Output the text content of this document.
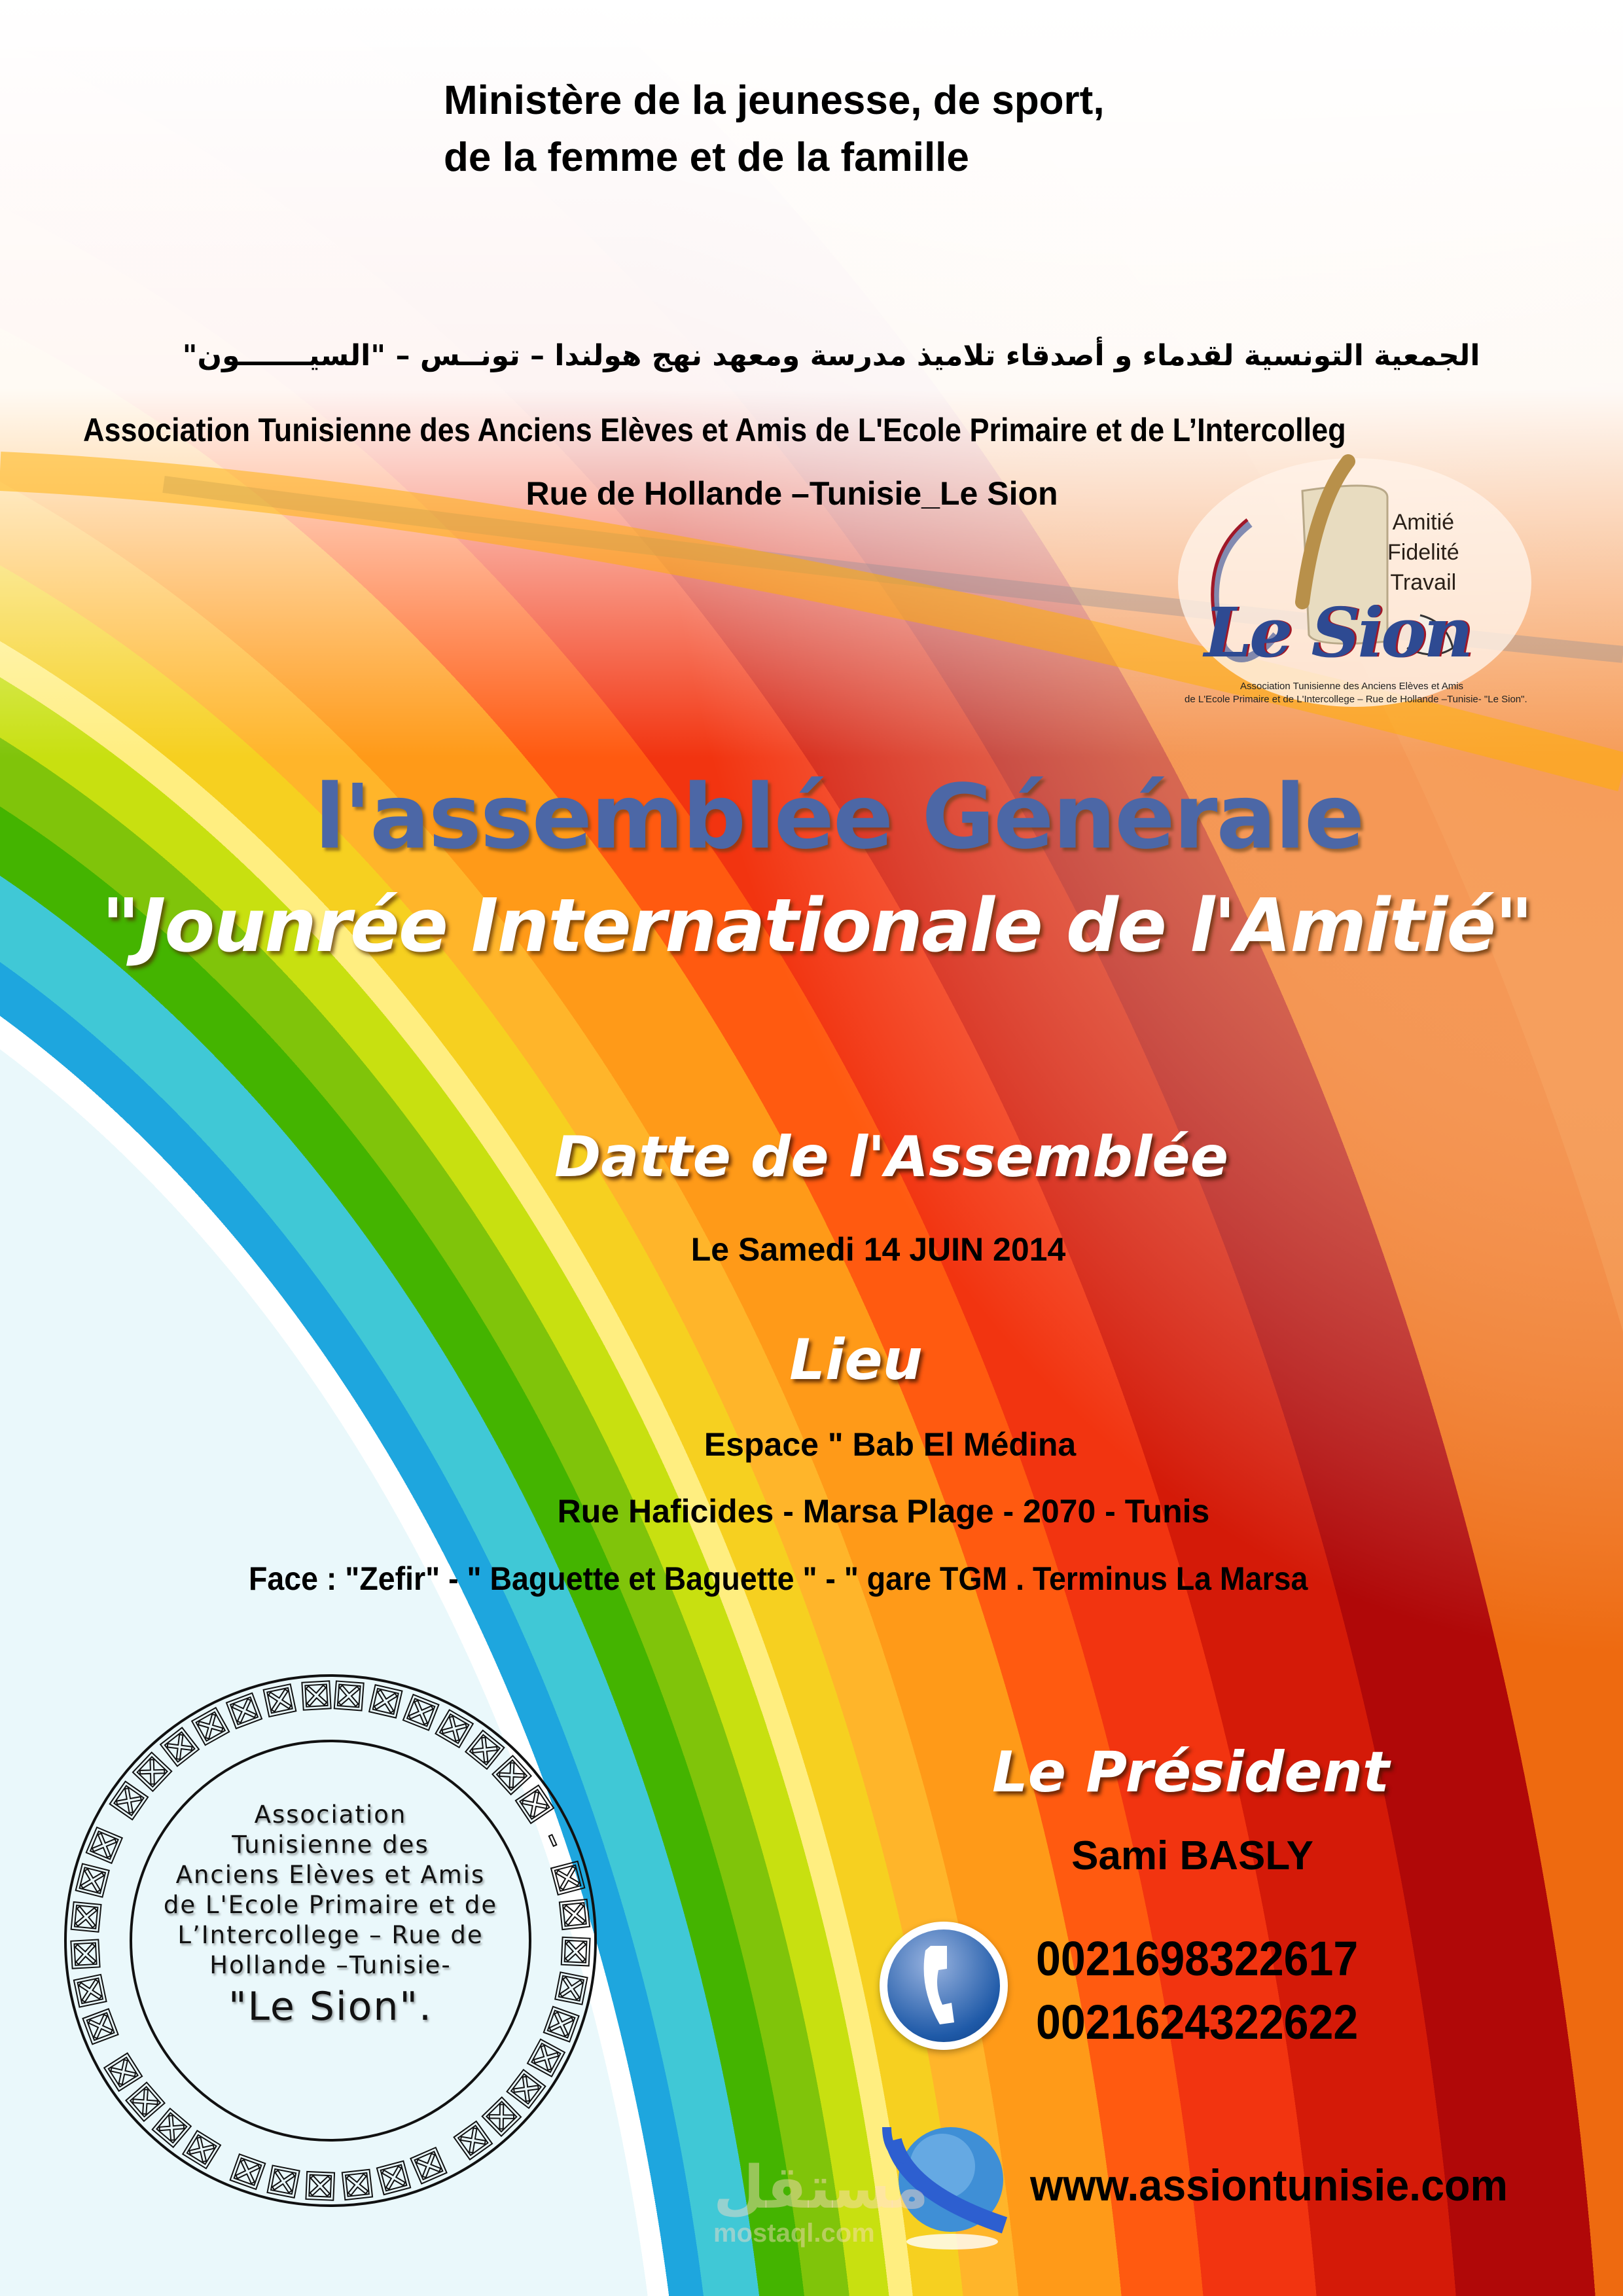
Ministère de la jeunesse, de sport,
de la femme et de la famille
الجمعية التونسية لقدماء و أصدقاء تلاميذ مدرسة ومعهد نهج هولندا – تونــس – "السيـــــــون"
Association Tunisienne des Anciens Elèves et Amis de L'Ecole Primaire et de L’Intercolleg
Rue de Hollande –Tunisie_Le Sion
Amitié
Fidelité
Travail
Le Sion
Association Tunisienne des Anciens Elèves et Amis
de L'Ecole Primaire et de L'Intercollege – Rue de Hollande –Tunisie- "Le Sion".
l'assemblée Générale
"Jounrée Internationale de l'Amitié"
Datte de l'Assemblée
Le Samedi 14 JUIN 2014
Lieu
Espace " Bab El Médina
Rue Haficides - Marsa Plage - 2070 - Tunis
Face : "Zefir" - " Baguette et Baguette " - " gare TGM . Terminus La Marsa
Le Président
Sami BASLY
0021698322617
0021624322622
www.assiontunisie.com
مستقل
mostaql.com
⊠⊠⊠⊠⊠⊠⊠ - ⊠⊠⊠⊠⊠⊠⊠⊠⊠ ⊠⊠⊠⊠⊠⊠ ⊠⊠⊠⊠ ⊠⊠⊠⊠⊠⊠ ⊠⊠⊠⊠⊠⊠⊠
Association
Tunisienne des
Anciens Elèves et Amis
de L'Ecole Primaire et de
L’Intercollege – Rue de
Hollande –Tunisie-
"Le Sion".
